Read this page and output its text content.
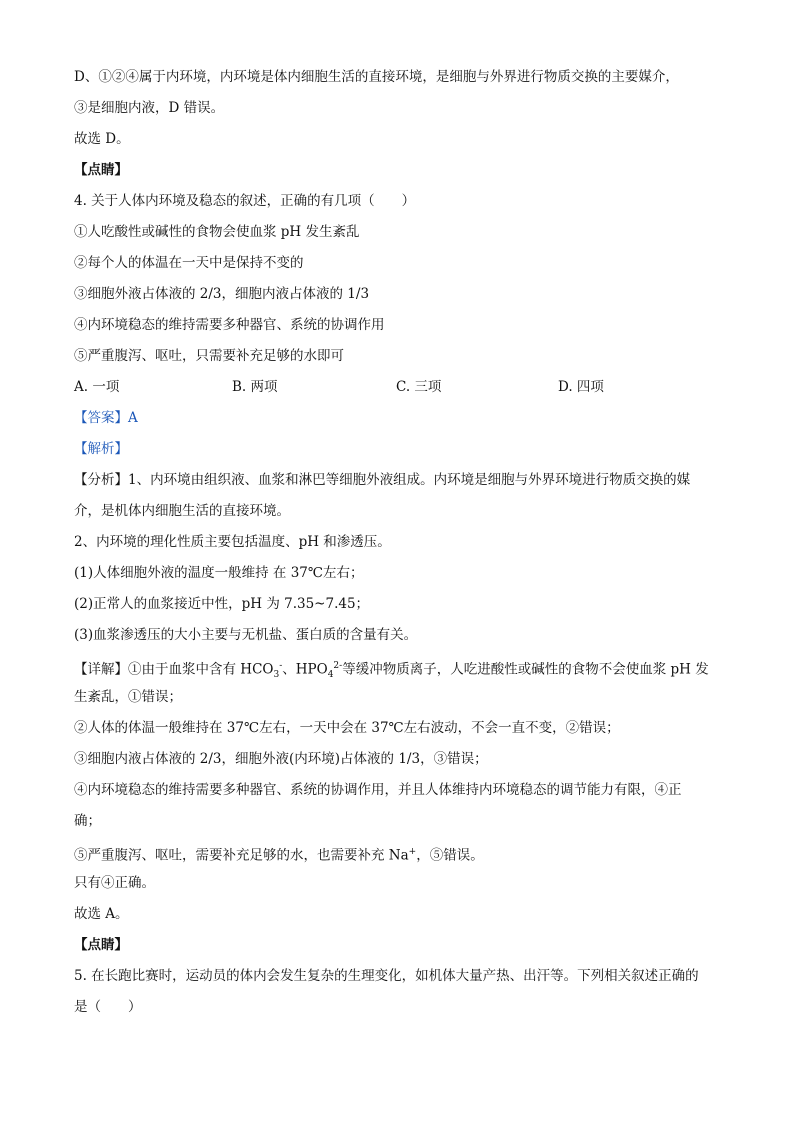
D、①②④属于内环境，内环境是体内细胞生活的直接环境，是细胞与外界进行物质交换的主要媒介，
③是细胞内液，D 错误。
故选 D。
【点睛】
4. 关于人体内环境及稳态的叙述，正确的有几项（　　）
①人吃酸性或碱性的食物会使血浆 pH 发生紊乱
②每个人的体温在一天中是保持不变的
③细胞外液占体液的 2/3，细胞内液占体液的 1/3
④内环境稳态的维持需要多种器官、系统的协调作用
⑤严重腹泻、呕吐，只需要补充足够的水即可
A. 一项	B. 两项	C. 三项	D. 四项
【答案】A
【解析】
【分析】1、内环境由组织液、血浆和淋巴等细胞外液组成。内环境是细胞与外界环境进行物质交换的媒
介，是机体内细胞生活的直接环境。
2、内环境的理化性质主要包括温度、pH 和渗透压。
(1)人体细胞外液的温度一般维持 在 37℃左右；
(2)正常人的血浆接近中性，pH 为 7.35~7.45；
(3)血浆渗透压的大小主要与无机盐、蛋白质的含量有关。
【详解】①由于血浆中含有 $HCO_3^-$、$HPO_4^{2-}$等缓冲物质离子，人吃进酸性或碱性的食物不会使血浆 pH 发
生紊乱，①错误；
②人体的体温一般维持在 37℃左右，一天中会在 37℃左右波动，不会一直不变，②错误；
③细胞内液占体液的 2/3，细胞外液(内环境)占体液的 1/3，③错误；
④内环境稳态的维持需要多种器官、系统的协调作用，并且人体维持内环境稳态的调节能力有限，④正
确；
⑤严重腹泻、呕吐，需要补充足够的水，也需要补充 Na+，⑤错误。
只有④正确。
故选 A。
【点睛】
5. 在长跑比赛时，运动员的体内会发生复杂的生理变化，如机体大量产热、出汗等。下列相关叙述正确的
是（　　）
